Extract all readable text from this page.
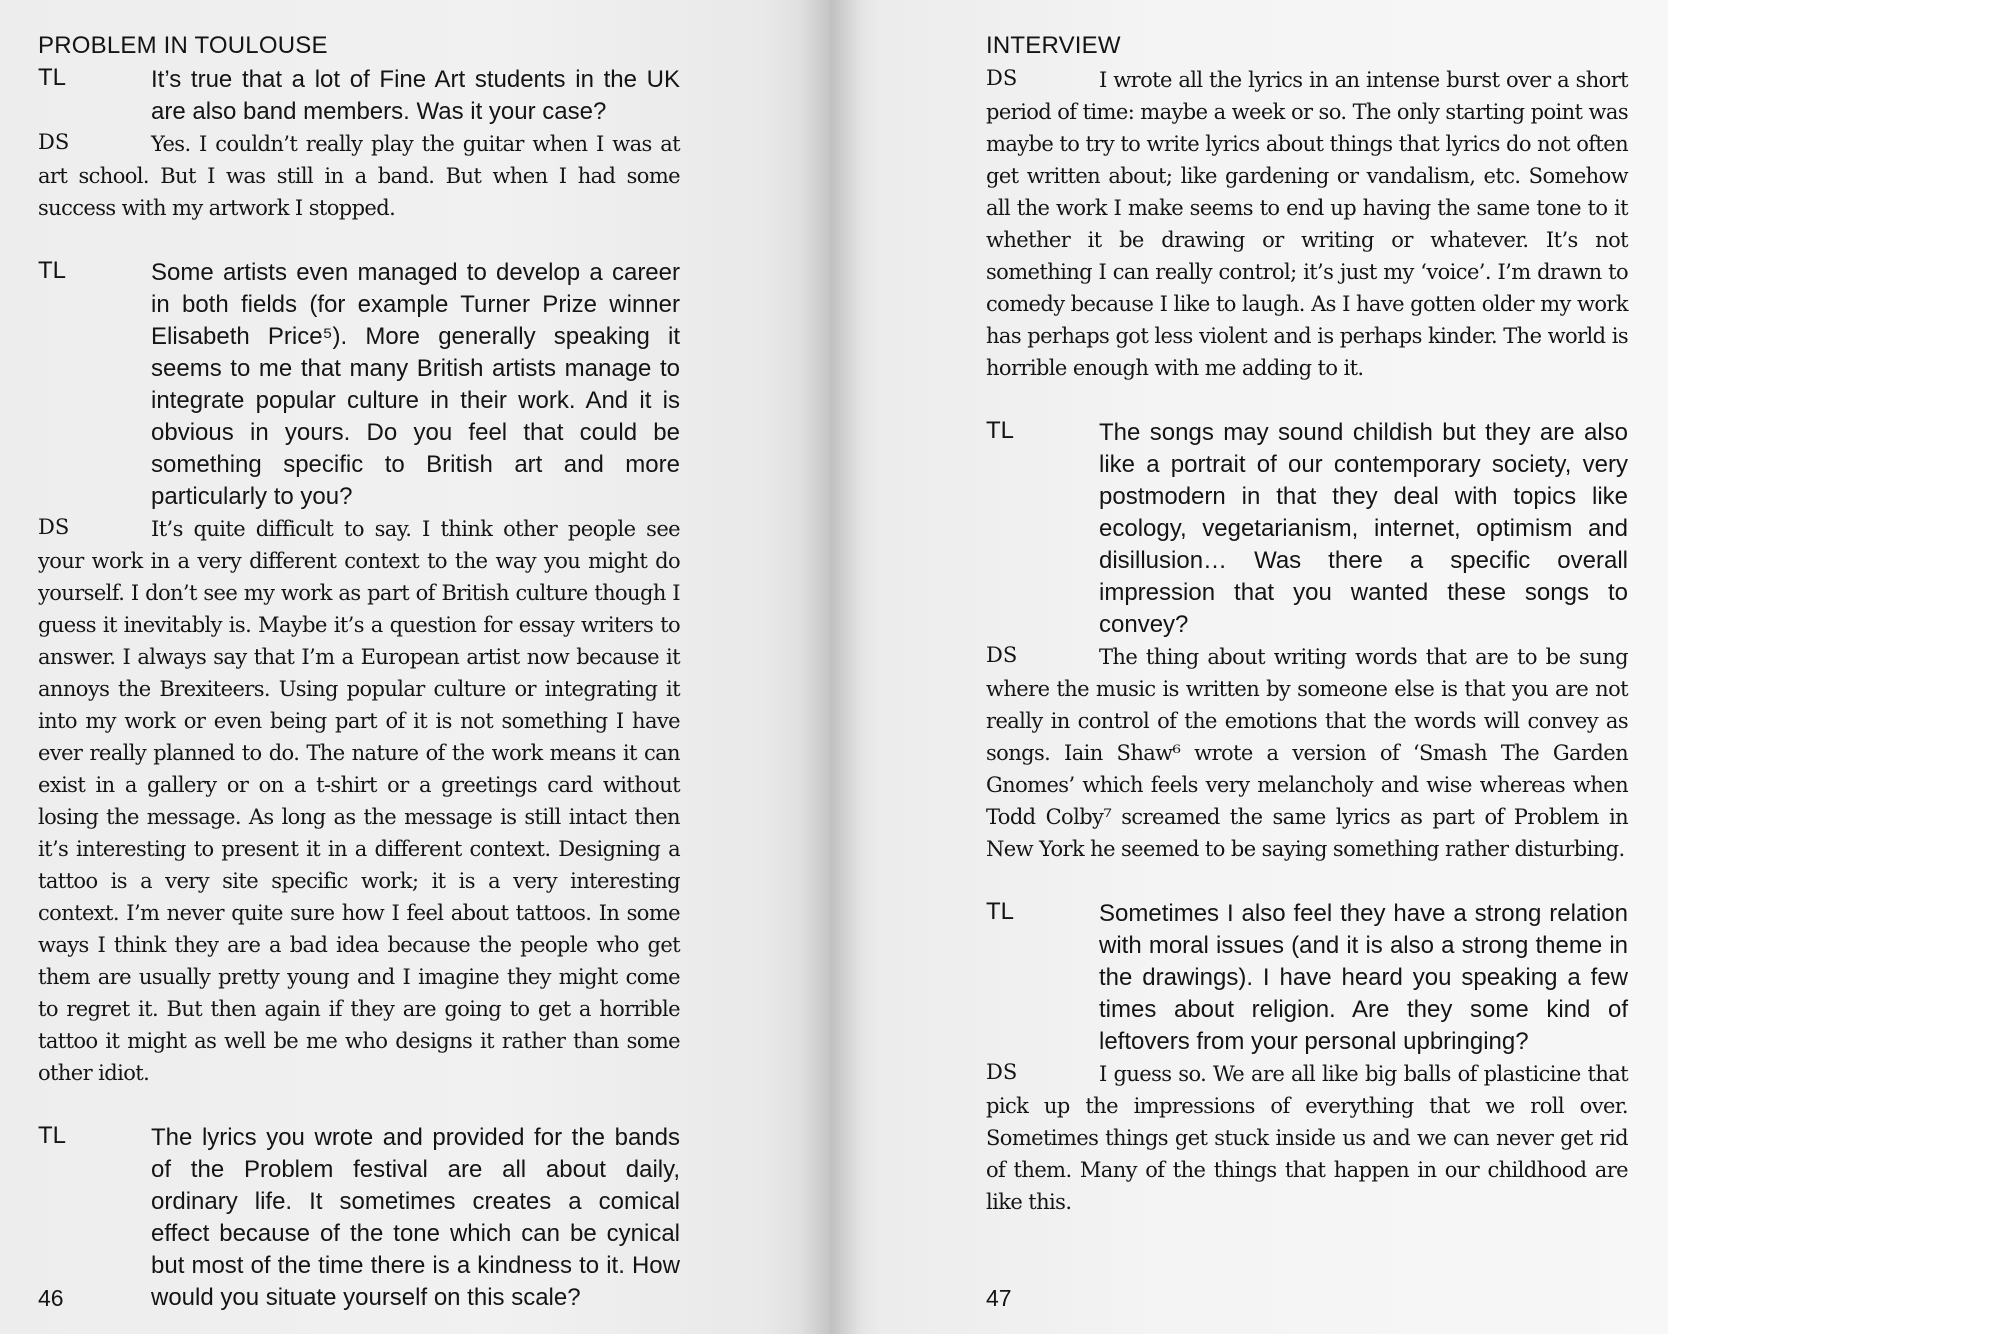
PROBLEM IN TOULOUSE
TL	It’s true that a lot of Fine Art students in the UK are also band members. Was it your case?

DS	Yes. I couldn’t really play the guitar when I was at art school. But I was still in a band. But when I had some success with my artwork I stopped.

TL	Some artists even managed to develop a career in both fields (for example Turner Prize winner Elisabeth Price⁵). More generally speaking it seems to me that many British artists manage to integrate popular culture in their work. And it is obvious in yours. Do you feel that could be something specific to British art and more particularly to you?

DS	It’s quite difficult to say. I think other people see your work in a very different context to the way you might do yourself. I don’t see my work as part of British culture though I guess it inevitably is. Maybe it’s a question for essay writers to answer. I always say that I’m a European artist now because it annoys the Brexiteers. Using popular culture or integrating it into my work or even being part of it is not something I have ever really planned to do. The nature of the work means it can exist in a gallery or on a t-shirt or a greetings card without losing the message. As long as the message is still intact then it’s interesting to present it in a different context. Designing a tattoo is a very site specific work; it is a very interesting context. I’m never quite sure how I feel about tattoos. In some ways I think they are a bad idea because the people who get them are usually pretty young and I imagine they might come to regret it. But then again if they are going to get a horrible tattoo it might as well be me who designs it rather than some other idiot.

TL	The lyrics you wrote and provided for the bands of the Problem festival are all about daily, ordinary life. It sometimes creates a comical effect because of the tone which can be cynical but most of the time there is a kindness to it. How would you situate yourself on this scale?

46
INTERVIEW
DS	I wrote all the lyrics in an intense burst over a short period of time: maybe a week or so. The only starting point was maybe to try to write lyrics about things that lyrics do not often get written about; like gardening or vandalism, etc. Somehow all the work I make seems to end up having the same tone to it whether it be drawing or writing or whatever. It’s not something I can really control; it’s just my ‘voice’. I’m drawn to comedy because I like to laugh. As I have gotten older my work has perhaps got less violent and is perhaps kinder. The world is horrible enough with me adding to it.

TL	The songs may sound childish but they are also like a portrait of our contemporary society, very postmodern in that they deal with topics like ecology, vegetarianism, internet, optimism and disillusion… Was there a specific overall impression that you wanted these songs to convey?

DS	The thing about writing words that are to be sung where the music is written by someone else is that you are not really in control of the emotions that the words will convey as songs. Iain Shaw⁶ wrote a version of ‘Smash The Garden Gnomes’ which feels very melancholy and wise whereas when Todd Colby⁷ screamed the same lyrics as part of Problem in New York he seemed to be saying something rather disturbing.

TL	Sometimes I also feel they have a strong relation with moral issues (and it is also a strong theme in the drawings). I have heard you speaking a few times about religion. Are they some kind of leftovers from your personal upbringing?

DS	I guess so. We are all like big balls of plasticine that pick up the impressions of everything that we roll over. Sometimes things get stuck inside us and we can never get rid of them. Many of the things that happen in our childhood are like this.

47
